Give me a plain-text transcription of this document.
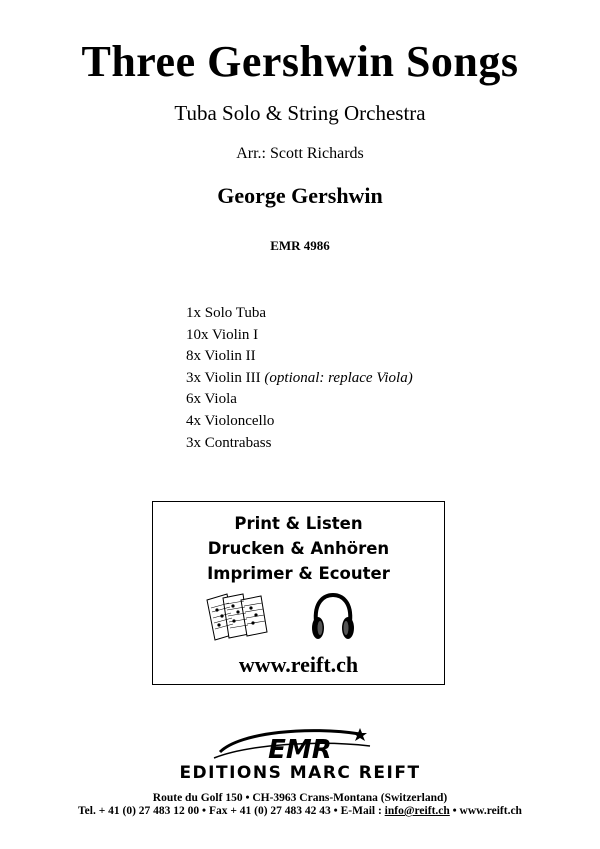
Three Gershwin Songs
Tuba Solo & String Orchestra
Arr.: Scott Richards
George Gershwin
EMR 4986
1x Solo Tuba
10x Violin I
8x Violin II
3x Violin III (optional: replace Viola)
6x Viola
4x Violoncello
3x Contrabass
Print & Listen
Drucken & Anhören
Imprimer & Ecouter
www.reift.ch
EMR
EDITIONS MARC REIFT
Route du Golf 150 • CH-3963 Crans-Montana (Switzerland)
Tel. + 41 (0) 27 483 12 00 • Fax + 41 (0) 27 483 42 43 • E-Mail : info@reift.ch • www.reift.ch
